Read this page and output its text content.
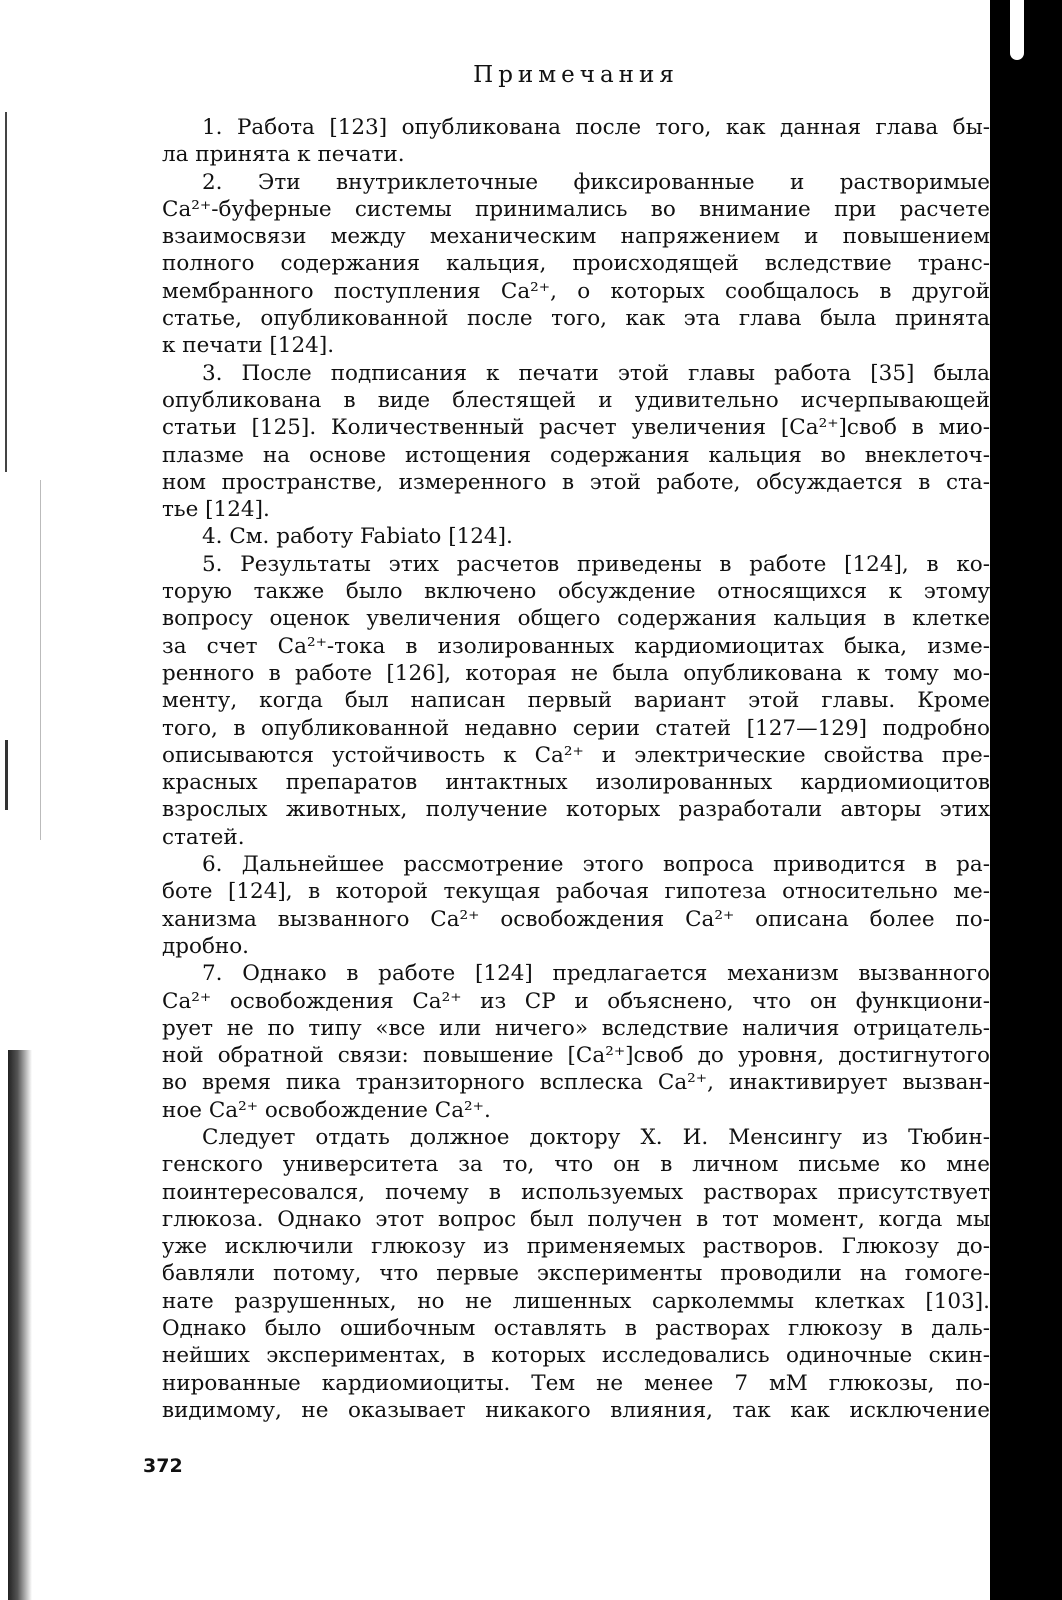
Примечания
1. Работа [123] опубликована после того, как данная глава бы-
ла принята к печати.
2. Эти внутриклеточные фиксированные и растворимые
Ca²⁺-буферные системы принимались во внимание при расчете
взаимосвязи между механическим напряжением и повышением
полного содержания кальция, происходящей вследствие транс-
мембранного поступления Ca²⁺, о которых сообщалось в другой
статье, опубликованной после того, как эта глава была принята
к печати [124].
3. После подписания к печати этой главы работа [35] была
опубликована в виде блестящей и удивительно исчерпывающей
статьи [125]. Количественный расчет увеличения [Ca²⁺]своб в мио-
плазме на основе истощения содержания кальция во внеклеточ-
ном пространстве, измеренного в этой работе, обсуждается в ста-
тье [124].
4. См. работу Fabiato [124].
5. Результаты этих расчетов приведены в работе [124], в ко-
торую также было включено обсуждение относящихся к этому
вопросу оценок увеличения общего содержания кальция в клетке
за счет Ca²⁺-тока в изолированных кардиомиоцитах быка, изме-
ренного в работе [126], которая не была опубликована к тому мо-
менту, когда был написан первый вариант этой главы. Кроме
того, в опубликованной недавно серии статей [127—129] подробно
описываются устойчивость к Ca²⁺ и электрические свойства пре-
красных препаратов интактных изолированных кардиомиоцитов
взрослых животных, получение которых разработали авторы этих
статей.
6. Дальнейшее рассмотрение этого вопроса приводится в ра-
боте [124], в которой текущая рабочая гипотеза относительно ме-
ханизма вызванного Ca²⁺ освобождения Ca²⁺ описана более по-
дробно.
7. Однако в работе [124] предлагается механизм вызванного
Ca²⁺ освобождения Ca²⁺ из СР и объяснено, что он функциони-
рует не по типу «все или ничего» вследствие наличия отрицатель-
ной обратной связи: повышение [Ca²⁺]своб до уровня, достигнутого
во время пика транзиторного всплеска Ca²⁺, инактивирует вызван-
ное Ca²⁺ освобождение Ca²⁺.
Следует отдать должное доктору Х. И. Менсингу из Тюбин-
генского университета за то, что он в личном письме ко мне
поинтересовался, почему в используемых растворах присутствует
глюкоза. Однако этот вопрос был получен в тот момент, когда мы
уже исключили глюкозу из применяемых растворов. Глюкозу до-
бавляли потому, что первые эксперименты проводили на гомоге-
нате разрушенных, но не лишенных сарколеммы клетках [103].
Однако было ошибочным оставлять в растворах глюкозу в даль-
нейших экспериментах, в которых исследовались одиночные скин-
нированные кардиомиоциты. Тем не менее 7 мМ глюкозы, по-
видимому, не оказывает никакого влияния, так как исключение
372
